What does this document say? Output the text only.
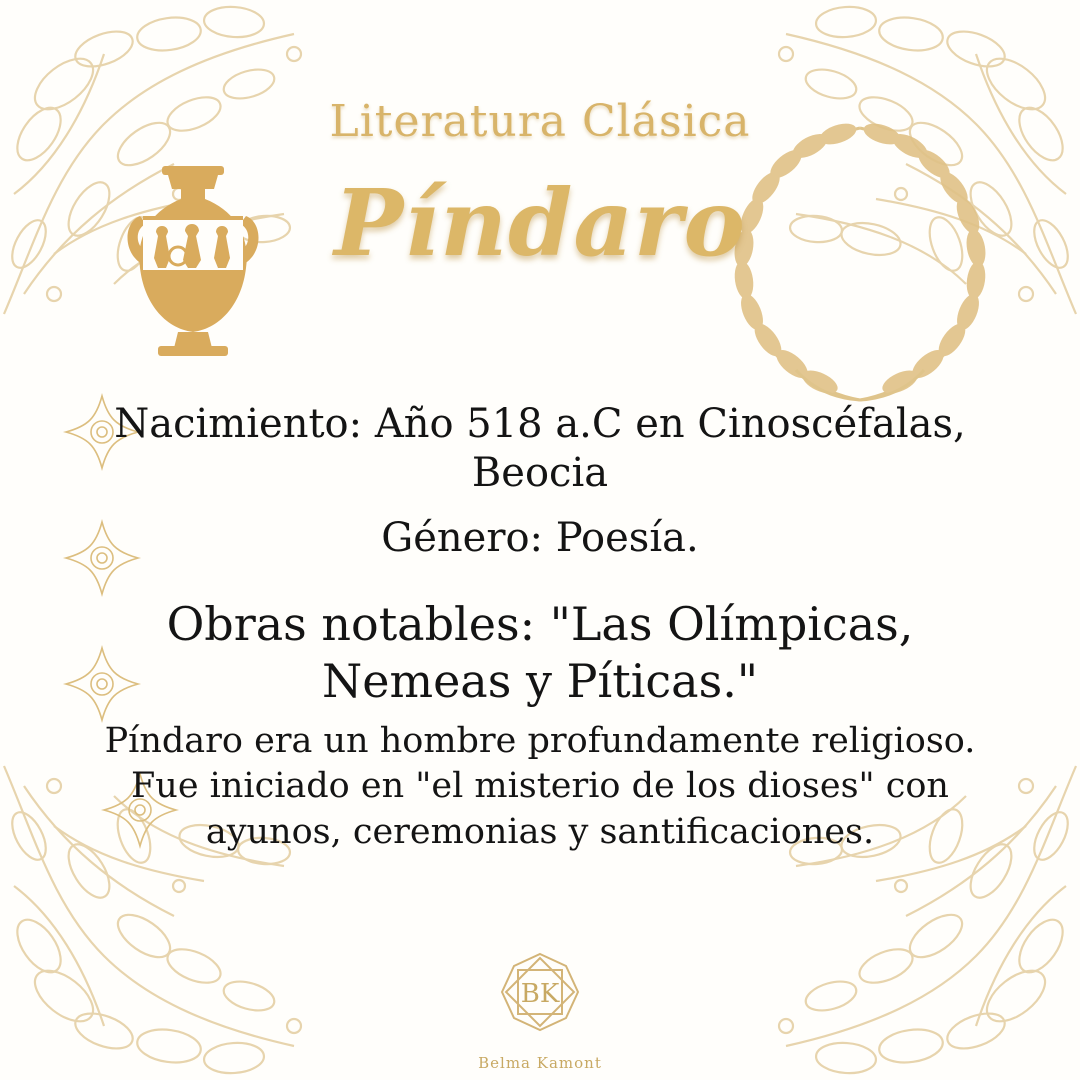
Literatura Clásica
Píndaro

Nacimiento: Año 518 a.C en Cinoscéfalas, Beocia

Género: Poesía.

Obras notables: "Las Olímpicas, Nemeas y Píticas."

Píndaro era un hombre profundamente religioso. Fue iniciado en "el misterio de los dioses" con ayunos, ceremonias y santificaciones.

BK
Belma Kamont
